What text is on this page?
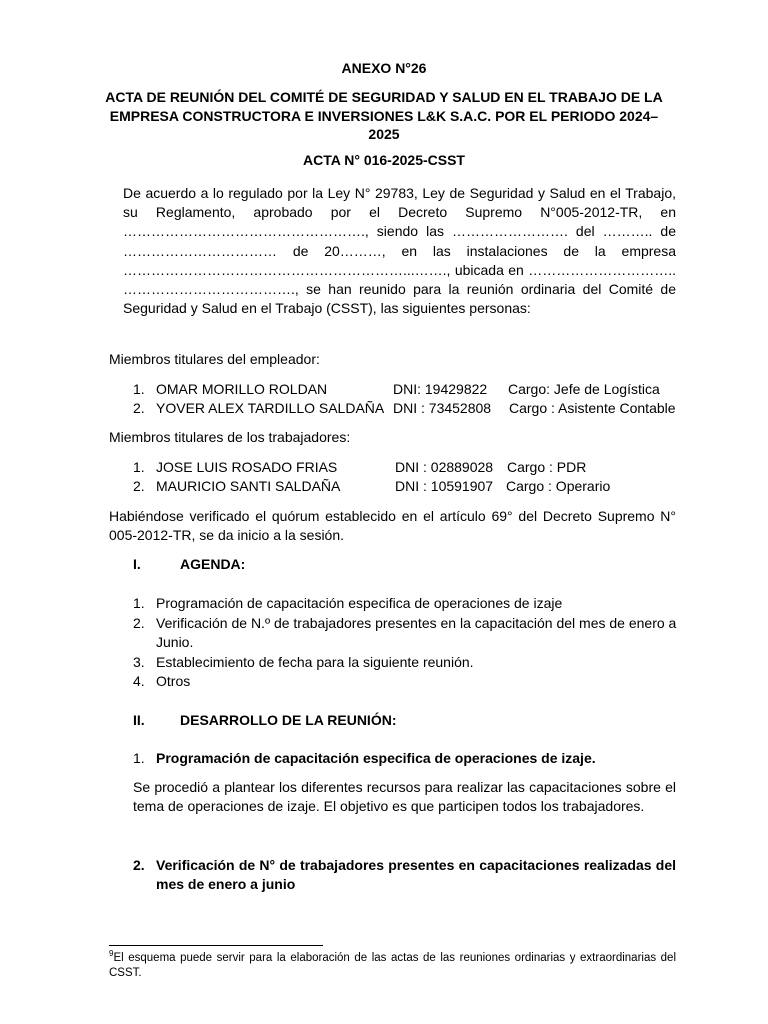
ANEXO N°26
ACTA DE REUNIÓN DEL COMITÉ DE SEGURIDAD Y SALUD EN EL TRABAJO DE LA EMPRESA CONSTRUCTORA E INVERSIONES L&K S.A.C. POR EL PERIODO 2024–2025
ACTA N° 016-2025-CSST
De acuerdo a lo regulado por la Ley N° 29783, Ley de Seguridad y Salud en el Trabajo, su Reglamento, aprobado por el Decreto Supremo N°005-2012-TR, en ……………………………………………., siendo las ……………………. del ……….. de …………………………… de 20………, en las instalaciones de la empresa ……………………………………………………...……., ubicada en ………………………….. ………………………………., se han reunido para la reunión ordinaria del Comité de Seguridad y Salud en el Trabajo (CSST), las siguientes personas:
Miembros titulares del empleador:
1. OMAR MORILLO ROLDAN	DNI: 19429822 Cargo: Jefe de Logística
2. YOVER ALEX TARDILLO SALDAÑA DNI : 73452808 Cargo : Asistente Contable
Miembros titulares de los trabajadores:
1. JOSE LUIS ROSADO FRIAS	DNI : 02889028 Cargo : PDR
2. MAURICIO SANTI SALDAÑA	DNI : 10591907 Cargo : Operario
Habiéndose verificado el quórum establecido en el artículo 69° del Decreto Supremo N° 005-2012-TR, se da inicio a la sesión.
I.	AGENDA:
1. Programación de capacitación especifica de operaciones de izaje
2. Verificación de N.º de trabajadores presentes en la capacitación del mes de enero a Junio.
3. Establecimiento de fecha para la siguiente reunión.
4. Otros
II.	DESARROLLO DE LA REUNIÓN:
1. Programación de capacitación especifica de operaciones de izaje.
Se procedió a plantear los diferentes recursos para realizar las capacitaciones sobre el tema de operaciones de izaje. El objetivo es que participen todos los trabajadores.
2. Verificación de N° de trabajadores presentes en capacitaciones realizadas del mes de enero a junio
$^9$El esquema puede servir para la elaboración de las actas de las reuniones ordinarias y extraordinarias del CSST.
